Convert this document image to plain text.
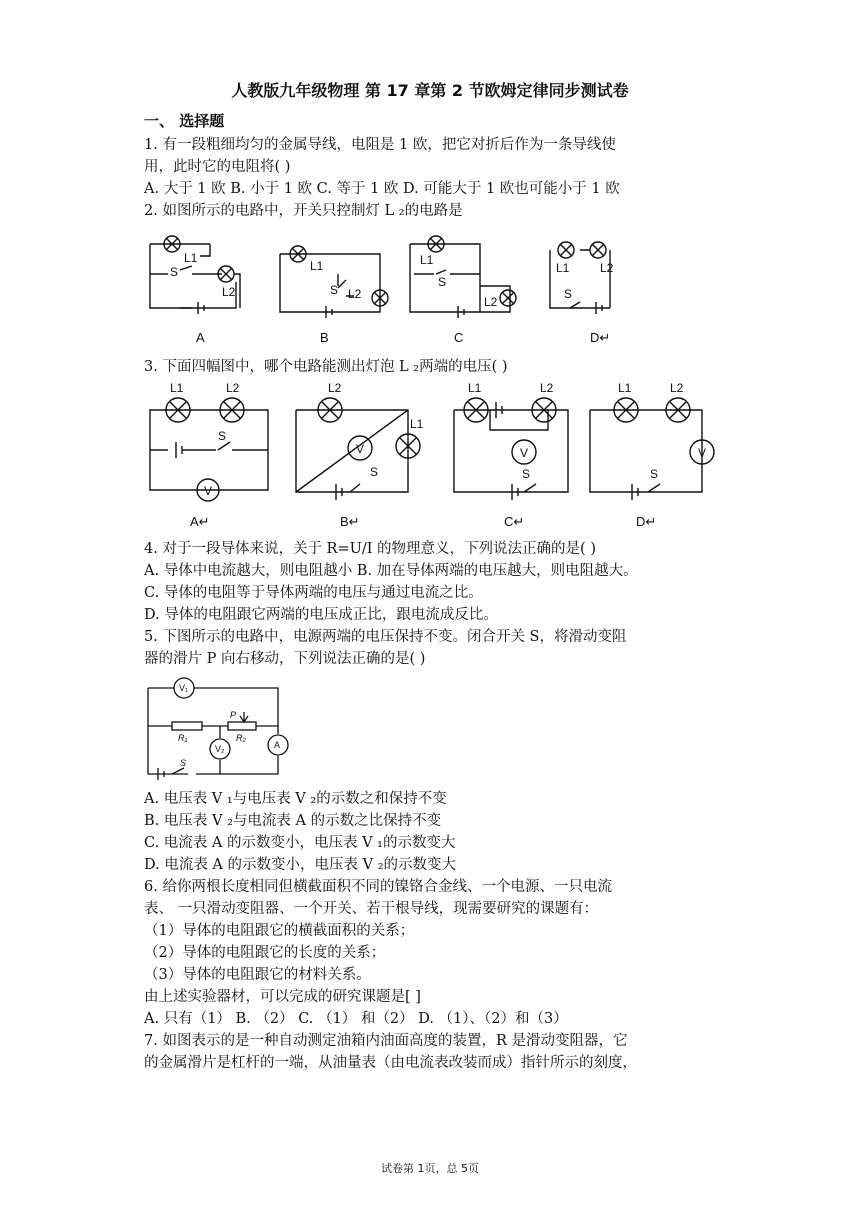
人教版九年级物理 第 17 章第 2 节欧姆定律同步测试卷
一、 选择题
1. 有一段粗细均匀的金属导线，电阻是 1 欧，把它对折后作为一条导线使
用，此时它的电阻将( )
A. 大于 1 欧 B. 小于 1 欧 C. 等于 1 欧 D. 可能大于 1 欧也可能小于 1 欧
2. 如图所示的电路中，开关只控制灯 L ₂的电路是
L1
S
L2
L1
S L2
L1
S
L2
L1	L2
S
A	B	C	D↵
3. 下面四幅图中，哪个电路能测出灯泡 L ₂两端的电压( )
L1	L2
S
V
L2
L1
V
S
L1	L2
V
S
L1	L2
S
V
A↵	B↵	C↵	D↵
4. 对于一段导体来说，关于 R=U/I 的物理意义，下列说法正确的是( )
A. 导体中电流越大，则电阻越小 B. 加在导体两端的电压越大，则电阻越大。
C. 导体的电阻等于导体两端的电压与通过电流之比。
D. 导体的电阻跟它两端的电压成正比，跟电流成反比。
5. 下图所示的电路中，电源两端的电压保持不变。闭合开关 S，将滑动变阻
器的滑片 P 向右移动，下列说法正确的是( )
V₁
V₂	A
R₁	R₂
P
S
A. 电压表 V ₁与电压表 V ₂的示数之和保持不变
B. 电压表 V ₂与电流表 A 的示数之比保持不变
C. 电流表 A 的示数变小，电压表 V ₁的示数变大
D. 电流表 A 的示数变小，电压表 V ₂的示数变大
6. 给你两根长度相同但横截面积不同的镍铬合金线、一个电源、一只电流
表、 一只滑动变阻器、一个开关、若干根导线，现需要研究的课题有：
（1）导体的电阻跟它的横截面积的关系；
（2）导体的电阻跟它的长度的关系；
（3）导体的电阻跟它的材料关系。
由上述实验器材，可以完成的研究课题是[ ]
A. 只有（1） B. （2） C. （1） 和（2） D. （1）、（2）和（3）
7. 如图表示的是一种自动测定油箱内油面高度的装置，R 是滑动变阻器，它
的金属滑片是杠杆的一端，从油量表（由电流表改装而成）指针所示的刻度，
试卷第 1页，总 5页
